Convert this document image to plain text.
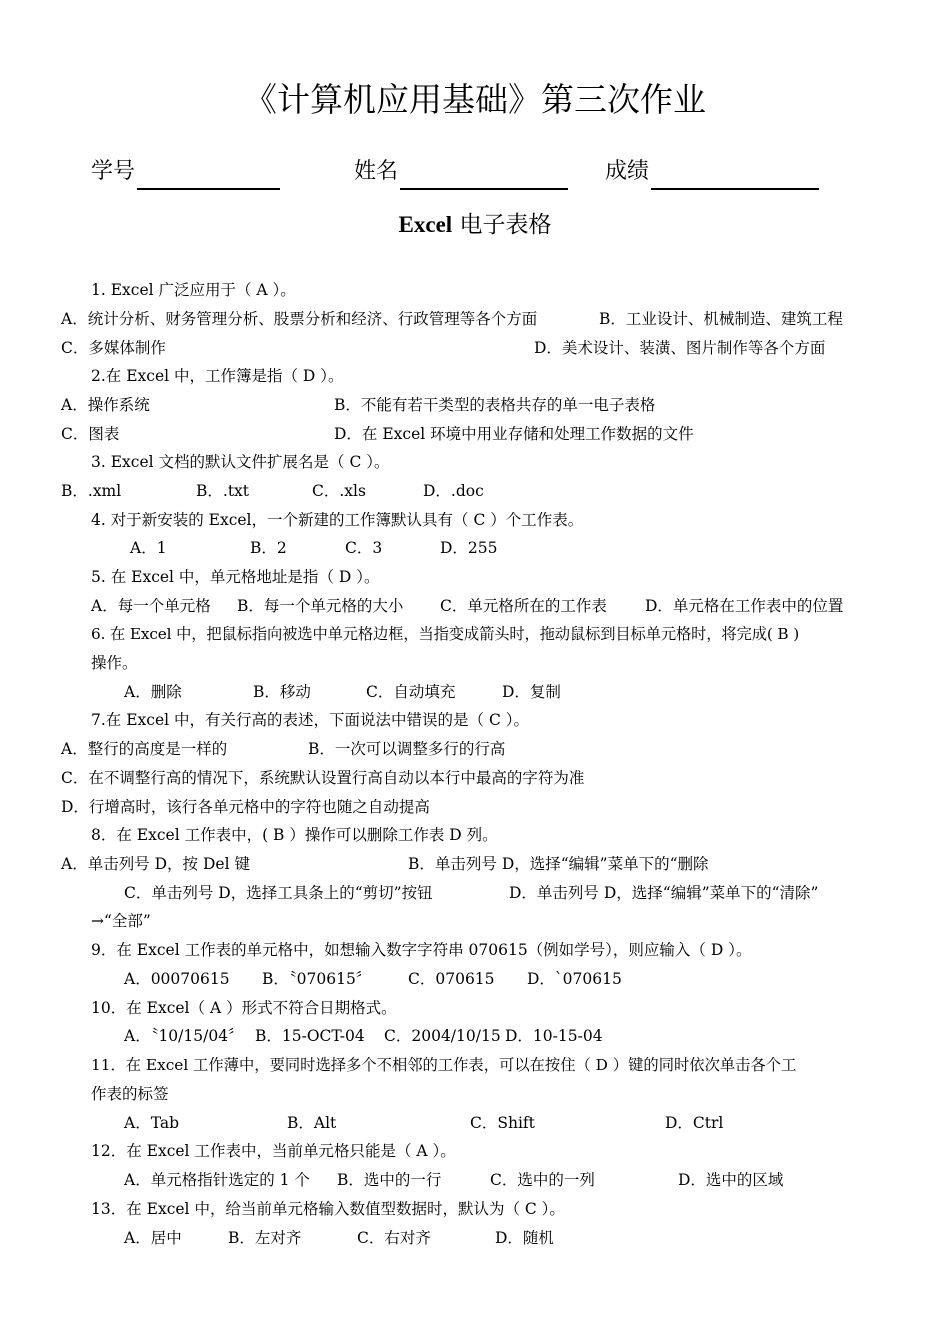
《计算机应用基础》第三次作业
学号	姓名	成绩
Excel 电子表格
1. Excel 广泛应用于（ A ）。
A．统计分析、财务管理分析、股票分析和经济、行政管理等各个方面	B．工业设计、机械制造、建筑工程
C．多媒体制作	D．美术设计、装潢、图片制作等各个方面
2.在 Excel 中，工作簿是指（ D ）。
A．操作系统	B．不能有若干类型的表格共存的单一电子表格
C．图表	D．在 Excel 环境中用业存储和处理工作数据的文件
3. Excel 文档的默认文件扩展名是（ C ）。
B．.xml	B．.txt	C．.xls	D．.doc
4. 对于新安装的 Excel，一个新建的工作簿默认具有（ C ）个工作表。
A．1	B．2	C．3	D．255
5. 在 Excel 中，单元格地址是指（ D ）。
A．每一个单元格 B．每一个单元格的大小 C．单元格所在的工作表 D．单元格在工作表中的位置
6. 在 Excel 中，把鼠标指向被选中单元格边框，当指变成箭头时，拖动鼠标到目标单元格时，将完成( B )
操作。
A．删除	B．移动	C．自动填充	D．复制
7.在 Excel 中，有关行高的表述，下面说法中错误的是（ C ）。
A．整行的高度是一样的	B．一次可以调整多行的行高
C．在不调整行高的情况下，系统默认设置行高自动以本行中最高的字符为准
D．行增高时，该行各单元格中的字符也随之自动提高
8．在 Excel 工作表中，( B ）操作可以删除工作表 D 列。
A．单击列号 D，按 Del 键	B．单击列号 D，选择“编辑”菜单下的“删除
C．单击列号 D，选择工具条上的“剪切”按钮	D．单击列号 D，选择“编辑”菜单下的“清除”
→“全部”
9．在 Excel 工作表的单元格中，如想输入数字字符串 070615（例如学号），则应输入（ D ）。
A．00070615 B．〝070615〞 C．070615 D．`070615
10．在 Excel（ A ）形式不符合日期格式。
A．〝10/15/04〞 B．15-OCT-04 C．2004/10/15 D．10-15-04
11．在 Excel 工作薄中，要同时选择多个不相邻的工作表，可以在按住（ D ）键的同时依次单击各个工
作表的标签
A．Tab	B．Alt	C．Shift	D．Ctrl
12．在 Excel 工作表中，当前单元格只能是（ A ）。
A．单元格指针选定的 1 个 B．选中的一行	C．选中的一列	D．选中的区域
13．在 Excel 中，给当前单元格输入数值型数据时，默认为（ C ）。
A．居中	B．左对齐	C．右对齐	D．随机
